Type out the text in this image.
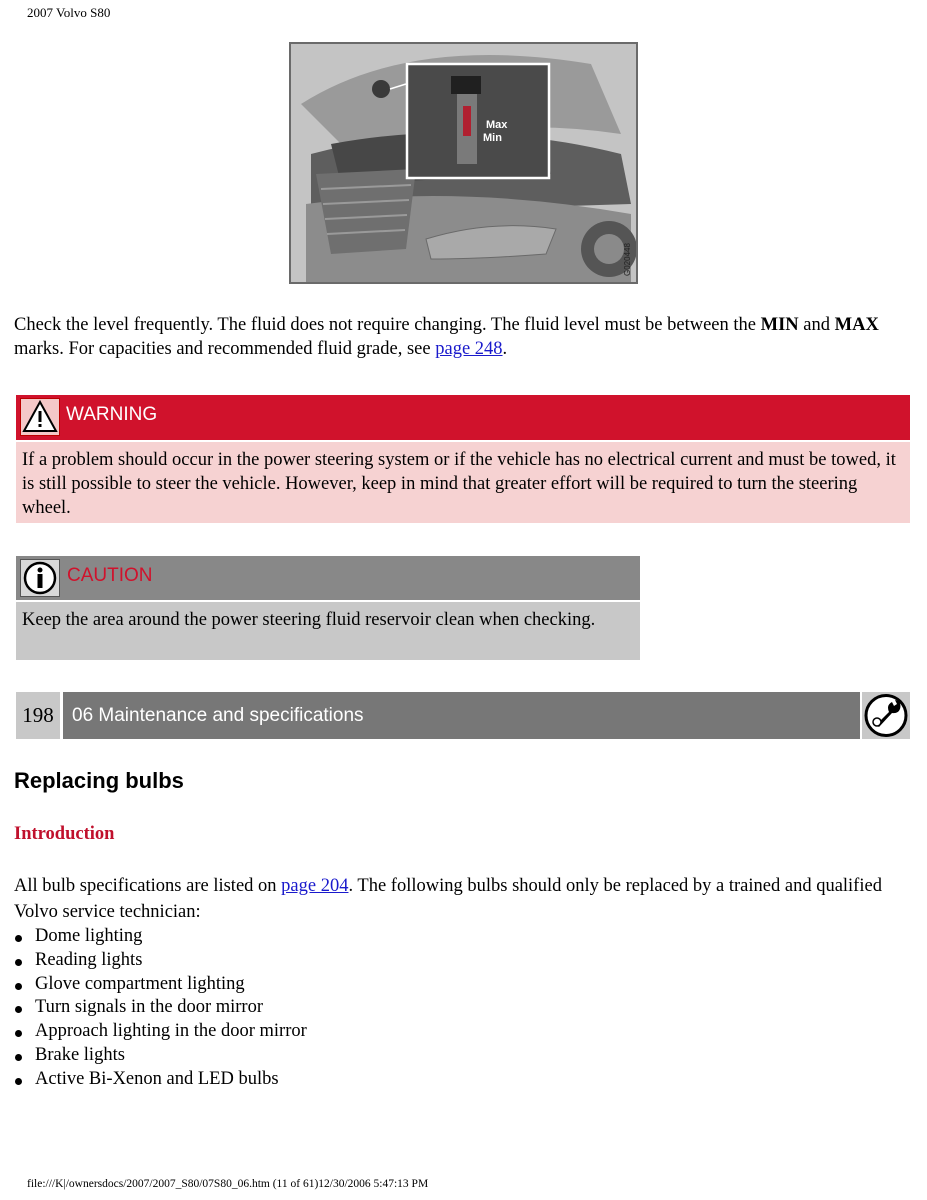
2007 Volvo S80
Max
Min
G020448
Check the level frequently. The fluid does not require changing. The fluid level must be between the MIN and MAX marks. For capacities and recommended fluid grade, see page 248.
WARNING
If a problem should occur in the power steering system or if the vehicle has no electrical current and must be towed, it is still possible to steer the vehicle. However, keep in mind that greater effort will be required to turn the steering wheel.
CAUTION
Keep the area around the power steering fluid reservoir clean when checking.
198 06 Maintenance and specifications
Replacing bulbs
Introduction
All bulb specifications are listed on page 204. The following bulbs should only be replaced by a trained and qualified Volvo service technician:
Dome lighting
Reading lights
Glove compartment lighting
Turn signals in the door mirror
Approach lighting in the door mirror
Brake lights
Active Bi-Xenon and LED bulbs
file:///K|/ownersdocs/2007/2007_S80/07S80_06.htm (11 of 61)12/30/2006 5:47:13 PM
